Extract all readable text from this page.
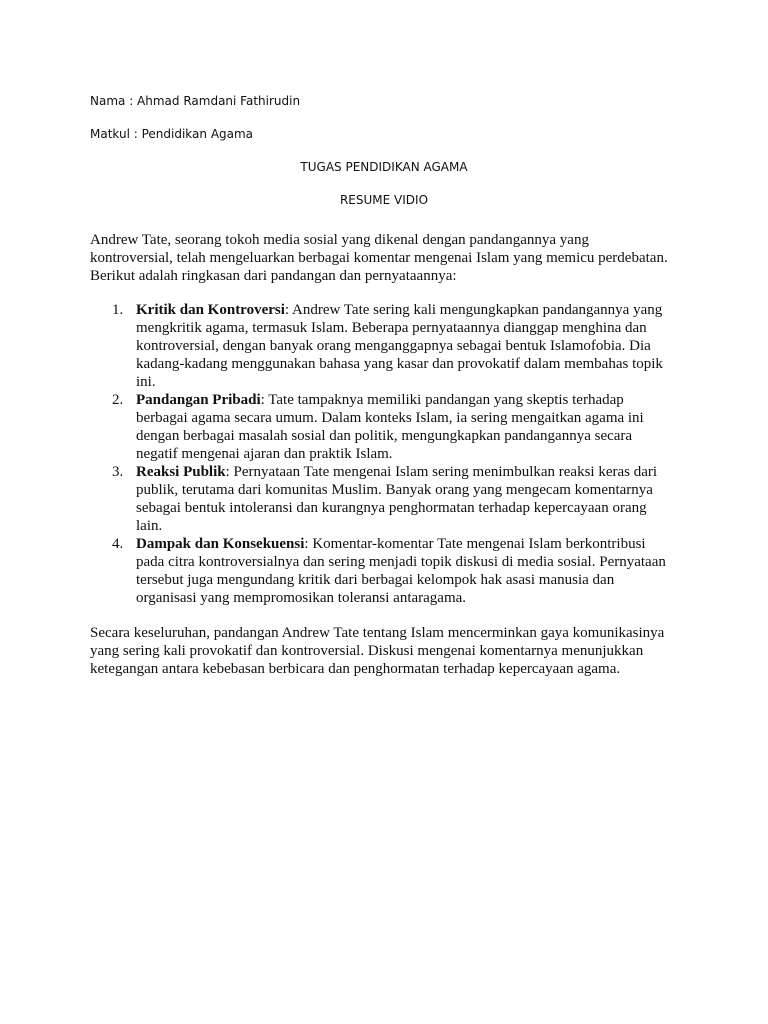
Nama : Ahmad Ramdani Fathirudin
Matkul : Pendidikan Agama
TUGAS PENDIDIKAN AGAMA
RESUME VIDIO
Andrew Tate, seorang tokoh media sosial yang dikenal dengan pandangannya yang
kontroversial, telah mengeluarkan berbagai komentar mengenai Islam yang memicu perdebatan.
Berikut adalah ringkasan dari pandangan dan pernyataannya:
1. Kritik dan Kontroversi: Andrew Tate sering kali mengungkapkan pandangannya yang
mengkritik agama, termasuk Islam. Beberapa pernyataannya dianggap menghina dan
kontroversial, dengan banyak orang menganggapnya sebagai bentuk Islamofobia. Dia
kadang-kadang menggunakan bahasa yang kasar dan provokatif dalam membahas topik
ini.
2. Pandangan Pribadi: Tate tampaknya memiliki pandangan yang skeptis terhadap
berbagai agama secara umum. Dalam konteks Islam, ia sering mengaitkan agama ini
dengan berbagai masalah sosial dan politik, mengungkapkan pandangannya secara
negatif mengenai ajaran dan praktik Islam.
3. Reaksi Publik: Pernyataan Tate mengenai Islam sering menimbulkan reaksi keras dari
publik, terutama dari komunitas Muslim. Banyak orang yang mengecam komentarnya
sebagai bentuk intoleransi dan kurangnya penghormatan terhadap kepercayaan orang
lain.
4. Dampak dan Konsekuensi: Komentar-komentar Tate mengenai Islam berkontribusi
pada citra kontroversialnya dan sering menjadi topik diskusi di media sosial. Pernyataan
tersebut juga mengundang kritik dari berbagai kelompok hak asasi manusia dan
organisasi yang mempromosikan toleransi antaragama.
Secara keseluruhan, pandangan Andrew Tate tentang Islam mencerminkan gaya komunikasinya
yang sering kali provokatif dan kontroversial. Diskusi mengenai komentarnya menunjukkan
ketegangan antara kebebasan berbicara dan penghormatan terhadap kepercayaan agama.
